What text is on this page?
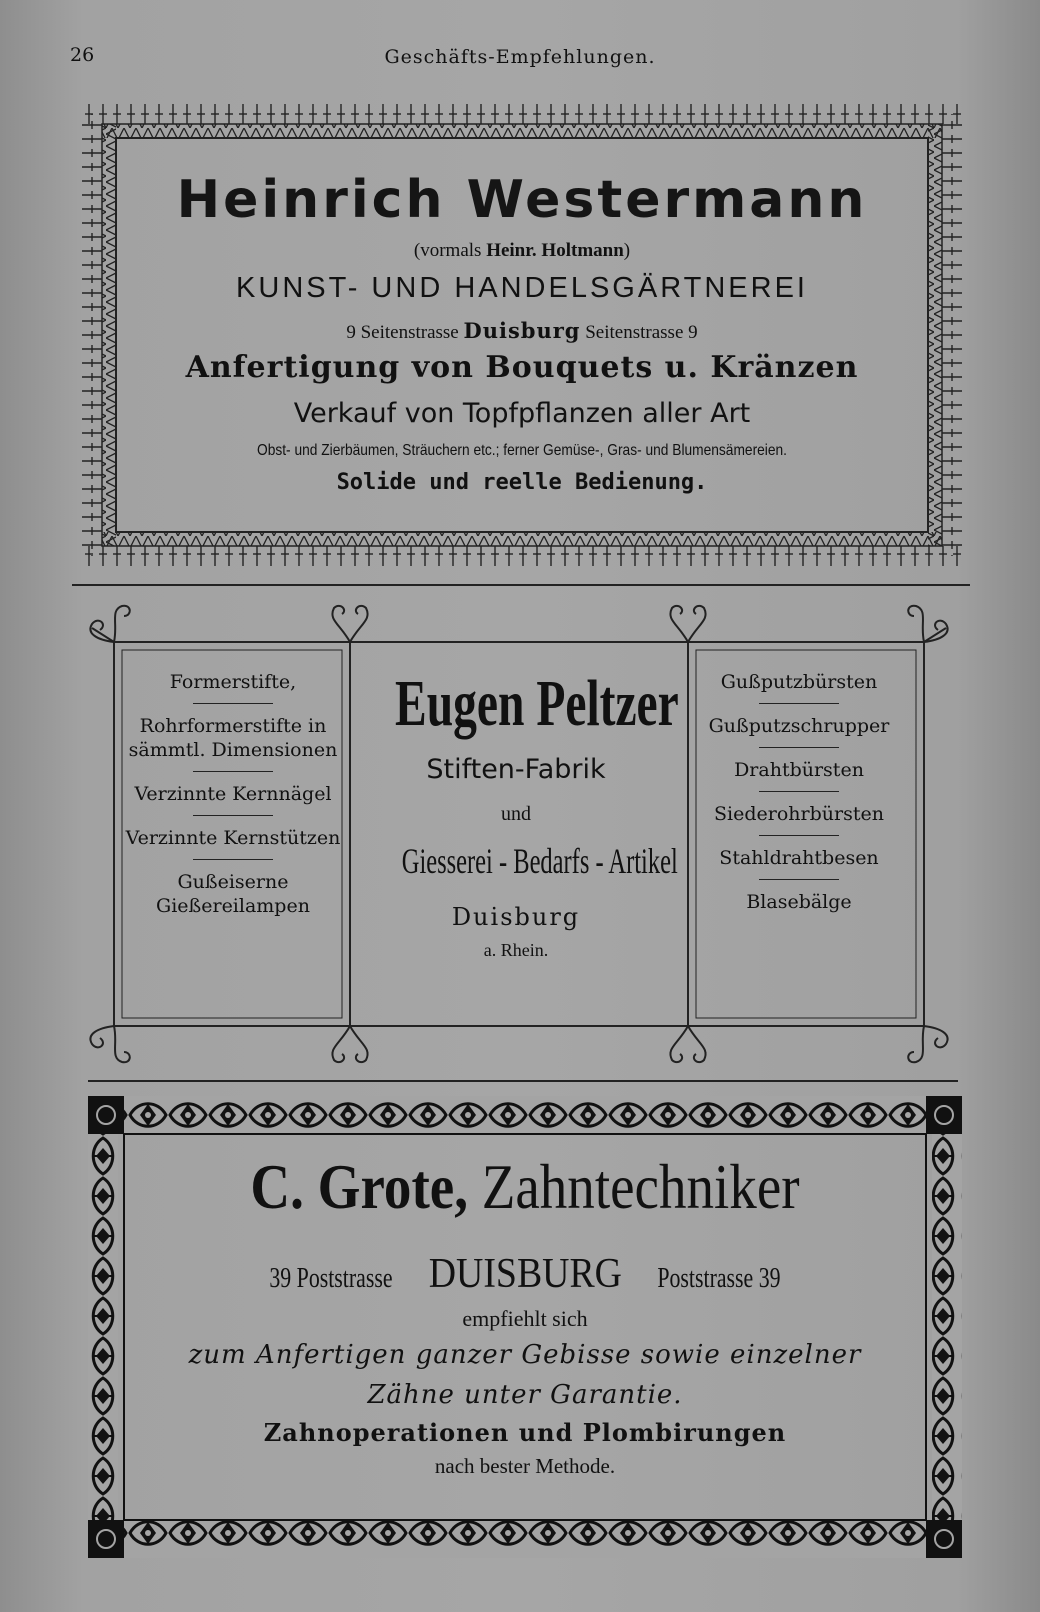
26	Geschäfts-Empfehlungen.
Heinrich Westermann
(vormals Heinr. Holtmann)
KUNST- UND HANDELSGÄRTNEREI
9 Seitenstrasse Duisburg Seitenstrasse 9
Anfertigung von Bouquets u. Kränzen
Verkauf von Topfpflanzen aller Art
Obst- und Zierbäumen, Sträuchern etc.; ferner Gemüse-, Gras- und Blumensämereien.
Solide und reelle Bedienung.
Formerstifte,
Rohrformerstifte in sämmtl. Dimensionen
Verzinnte Kernnägel
Verzinnte Kernstützen
Gußeiserne Gießereilampen
Eugen Peltzer
Stiften-Fabrik
und
Giesserei - Bedarfs - Artikel
Duisburg
a. Rhein.
Gußputzbürsten
Gußputzschrupper
Drahtbürsten
Siederohrbürsten
Stahldrahtbesen
Blasebälge
C. Grote, Zahntechniker
39 Poststrasse DUISBURG Poststrasse 39
empfiehlt sich
zum Anfertigen ganzer Gebisse sowie einzelner
Zähne unter Garantie.
Zahnoperationen und Plombirungen
nach bester Methode.
